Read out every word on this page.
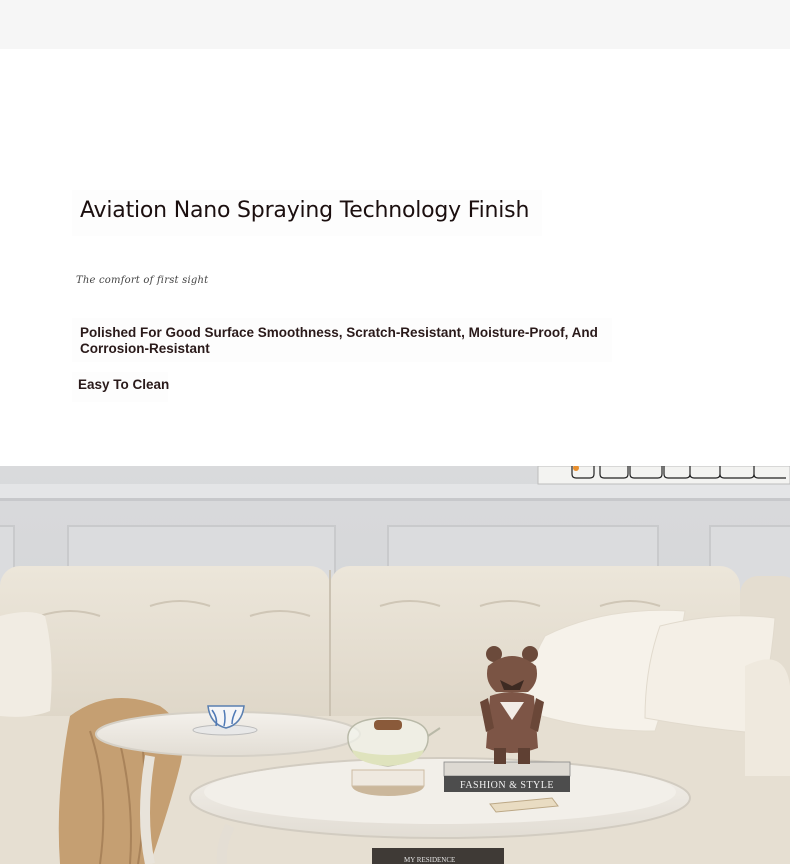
Aviation Nano Spraying Technology Finish
The comfort of first sight

Polished For Good Surface Smoothness, Scratch-Resistant, Moisture-Proof, And Corrosion-Resistant

Easy To Clean
FASHION & STYLE
MY RESIDENCE
